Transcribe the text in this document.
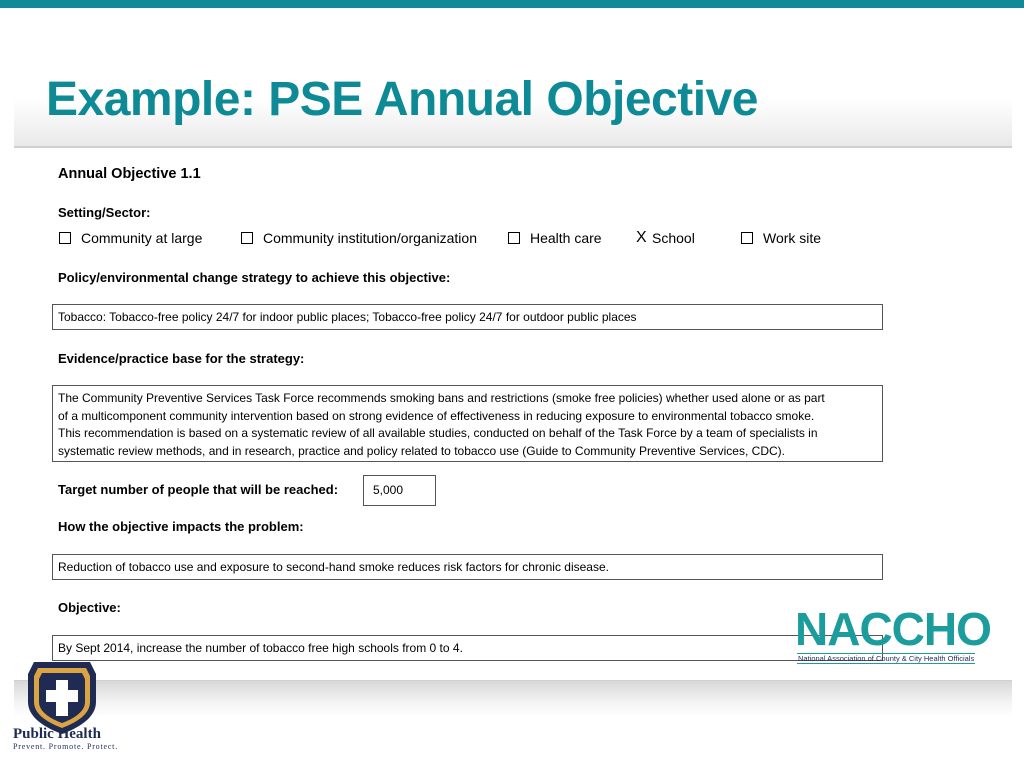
Example: PSE Annual Objective
Annual Objective 1.1
Setting/Sector:
Community at large	Community institution/organization	Health care X School	Work site
Policy/environmental change strategy to achieve this objective:
Tobacco: Tobacco-free policy 24/7 for indoor public places; Tobacco-free policy 24/7 for outdoor public places
Evidence/practice base for the strategy:
The Community Preventive Services Task Force recommends smoking bans and restrictions (smoke free policies) whether used alone or as part
of a multicomponent community intervention based on strong evidence of effectiveness in reducing exposure to environmental tobacco smoke.
This recommendation is based on a systematic review of all available studies, conducted on behalf of the Task Force by a team of specialists in
systematic review methods, and in research, practice and policy related to tobacco use (Guide to Community Preventive Services, CDC).
Target number of people that will be reached:	5,000
How the objective impacts the problem:
Reduction of tobacco use and exposure to second-hand smoke reduces risk factors for chronic disease.
Objective:
By Sept 2014, increase the number of tobacco free high schools from 0 to 4.
Public Health
Prevent. Promote. Protect.
NACCHO
National Association of County & City Health Officials
